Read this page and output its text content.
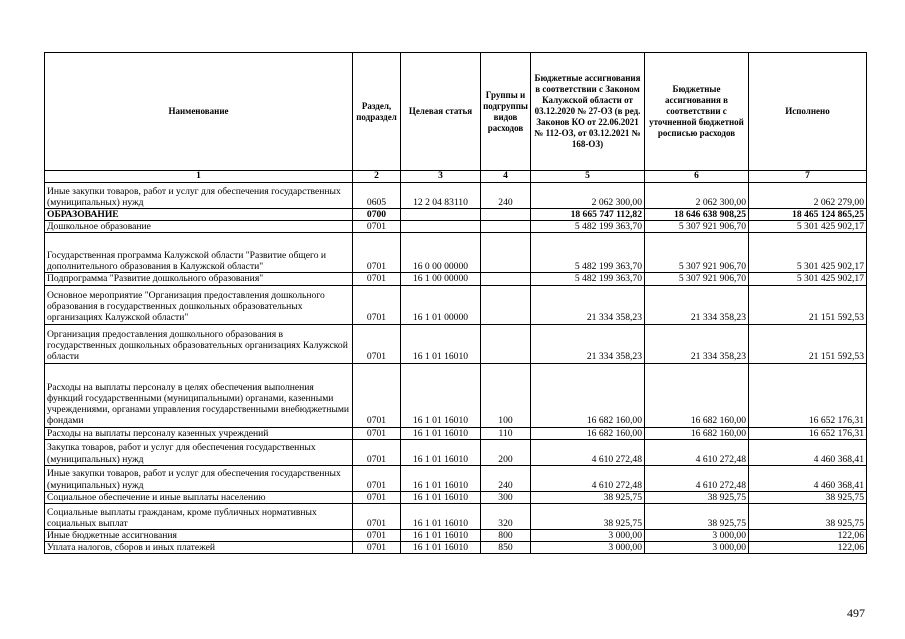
Наименование	Раздел, подраздел	Целевая статья	Группы и подгруппы видов расходов	Бюджетные ассигнования в соответствии с Законом Калужской области от 03.12.2020 № 27-ОЗ (в ред. Законов КО от 22.06.2021 № 112-ОЗ, от 03.12.2021 № 168-ОЗ)	Бюджетные ассигнования в соответствии с уточненной бюджетной росписью расходов	Исполнено
1	2	3	4	5	6	7
Иные закупки товаров, работ и услуг для обеспечения государственных (муниципальных) нужд	0605	12 2 04 83110	240	2 062 300,00	2 062 300,00	2 062 279,00
ОБРАЗОВАНИЕ	0700			18 665 747 112,82	18 646 638 908,25	18 465 124 865,25
Дошкольное образование	0701			5 482 199 363,70	5 307 921 906,70	5 301 425 902,17
Государственная программа Калужской области "Развитие общего и дополнительного образования в Калужской области"	0701	16 0 00 00000		5 482 199 363,70	5 307 921 906,70	5 301 425 902,17
Подпрограмма "Развитие дошкольного образования"	0701	16 1 00 00000		5 482 199 363,70	5 307 921 906,70	5 301 425 902,17
Основное мероприятие "Организация предоставления дошкольного образования в государственных дошкольных образовательных организациях Калужской области"	0701	16 1 01 00000		21 334 358,23	21 334 358,23	21 151 592,53
Организация предоставления дошкольного образования в государственных дошкольных образовательных организациях Калужской области	0701	16 1 01 16010		21 334 358,23	21 334 358,23	21 151 592,53
Расходы на выплаты персоналу в целях обеспечения выполнения функций государственными (муниципальными) органами, казенными учреждениями, органами управления государственными внебюджетными фондами	0701	16 1 01 16010	100	16 682 160,00	16 682 160,00	16 652 176,31
Расходы на выплаты персоналу казенных учреждений	0701	16 1 01 16010	110	16 682 160,00	16 682 160,00	16 652 176,31
Закупка товаров, работ и услуг для обеспечения государственных (муниципальных) нужд	0701	16 1 01 16010	200	4 610 272,48	4 610 272,48	4 460 368,41
Иные закупки товаров, работ и услуг для обеспечения государственных (муниципальных) нужд	0701	16 1 01 16010	240	4 610 272,48	4 610 272,48	4 460 368,41
Социальное обеспечение и иные выплаты населению	0701	16 1 01 16010	300	38 925,75	38 925,75	38 925,75
Социальные выплаты гражданам, кроме публичных нормативных социальных выплат	0701	16 1 01 16010	320	38 925,75	38 925,75	38 925,75
Иные бюджетные ассигнования	0701	16 1 01 16010	800	3 000,00	3 000,00	122,06
Уплата налогов, сборов и иных платежей	0701	16 1 01 16010	850	3 000,00	3 000,00	122,06
497
